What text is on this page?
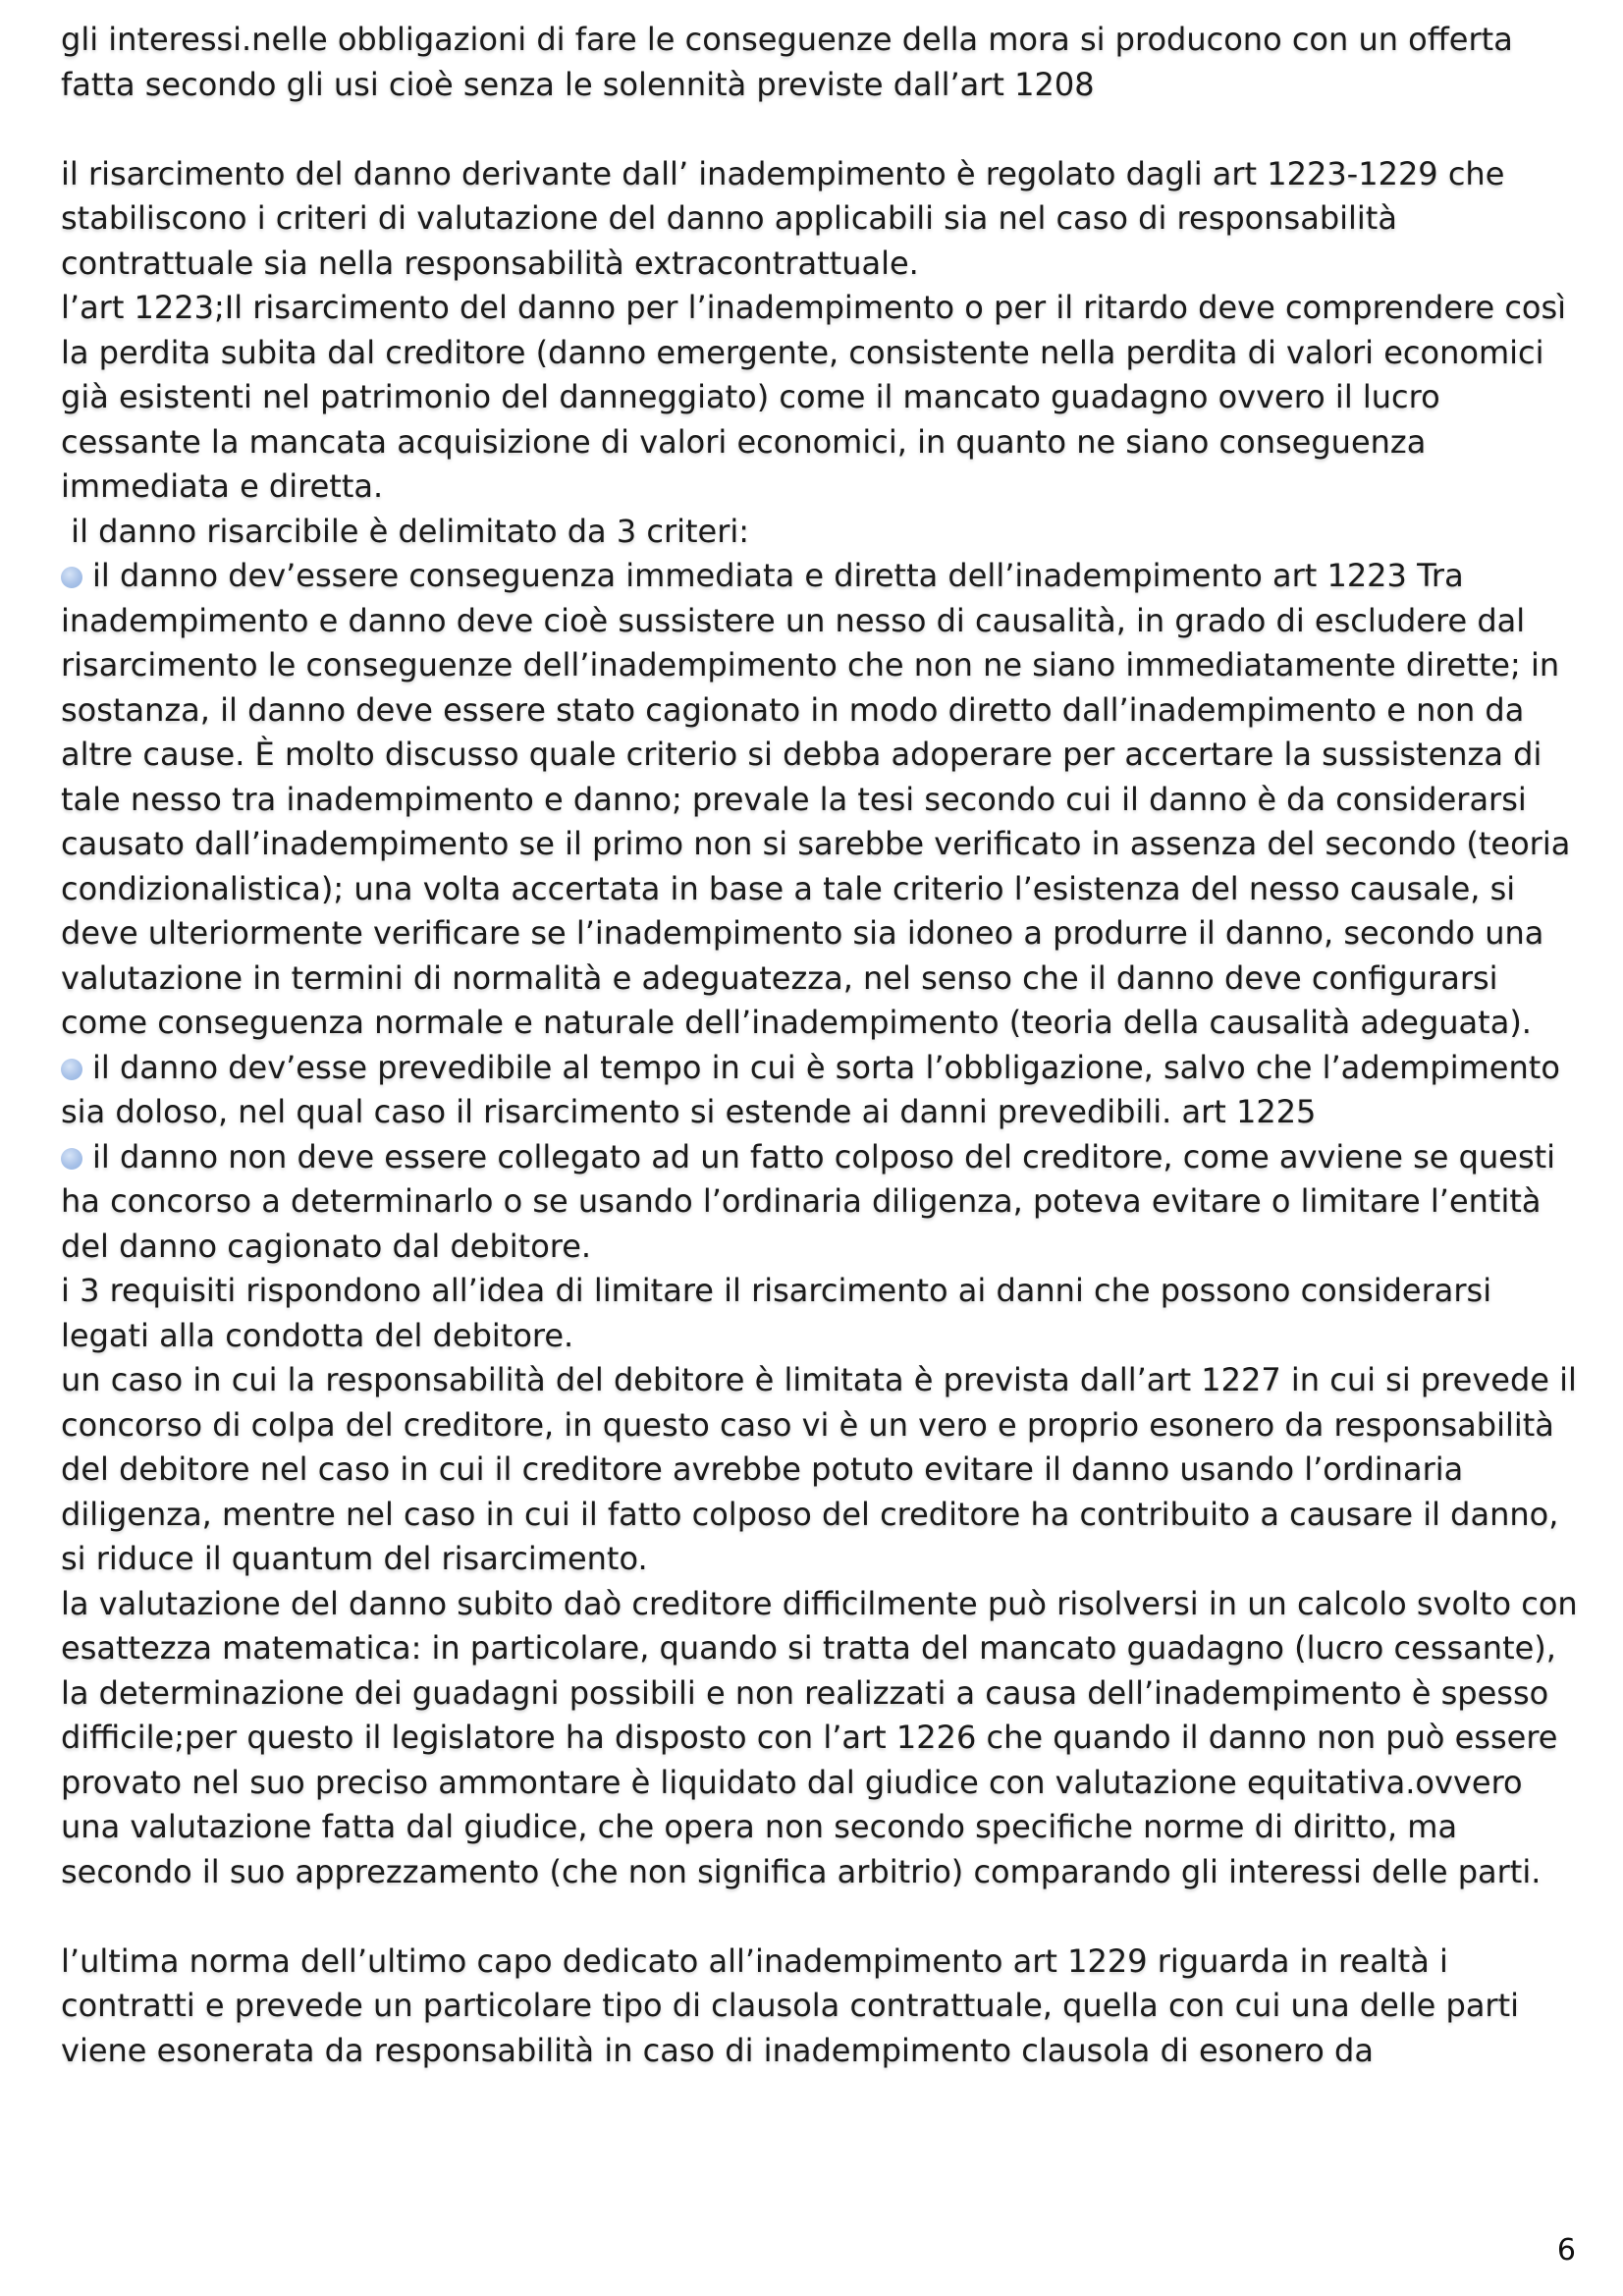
gli interessi.nelle obbligazioni di fare le conseguenze della mora si producono con un offerta fatta secondo gli usi cioè senza le solennità previste dall’art 1208

il risarcimento del danno derivante dall’ inadempimento è regolato dagli art 1223-1229 che stabiliscono i criteri di valutazione del danno applicabili sia nel caso di responsabilità contrattuale sia nella responsabilità extracontrattuale.

l’art 1223;Il risarcimento del danno per l’inadempimento o per il ritardo deve comprendere così la perdita subita dal creditore (danno emergente, consistente nella perdita di valori economici già esistenti nel patrimonio del danneggiato) come il mancato guadagno ovvero il lucro cessante la mancata acquisizione di valori economici, in quanto ne siano conseguenza immediata e diretta.

il danno risarcibile è delimitato da 3 criteri:

il danno dev’essere conseguenza immediata e diretta dell’inadempimento art 1223 Tra inadempimento e danno deve cioè sussistere un nesso di causalità, in grado di escludere dal risarcimento le conseguenze dell’inadempimento che non ne siano immediatamente dirette; in sostanza, il danno deve essere stato cagionato in modo diretto dall’inadempimento e non da altre cause. È molto discusso quale criterio si debba adoperare per accertare la sussistenza di tale nesso tra inadempimento e danno; prevale la tesi secondo cui il danno è da considerarsi causato dall’inadempimento se il primo non si sarebbe verificato in assenza del secondo (teoria condizionalistica); una volta accertata in base a tale criterio l’esistenza del nesso causale, si deve ulteriormente verificare se l’inadempimento sia idoneo a produrre il danno, secondo una valutazione in termini di normalità e adeguatezza, nel senso che il danno deve configurarsi come conseguenza normale e naturale dell’inadempimento (teoria della causalità adeguata).

il danno dev’esse prevedibile al tempo in cui è sorta l’obbligazione, salvo che l’adempimento sia doloso, nel qual caso il risarcimento si estende ai danni prevedibili. art 1225

il danno non deve essere collegato ad un fatto colposo del creditore, come avviene se questi ha concorso a determinarlo o se usando l’ordinaria diligenza, poteva evitare o limitare l’entità del danno cagionato dal debitore.

i 3 requisiti rispondono all’idea di limitare il risarcimento ai danni che possono considerarsi legati alla condotta del debitore.

un caso in cui la responsabilità del debitore è limitata è prevista dall’art 1227 in cui si prevede il concorso di colpa del creditore, in questo caso vi è un vero e proprio esonero da responsabilità del debitore nel caso in cui il creditore avrebbe potuto evitare il danno usando l’ordinaria diligenza, mentre nel caso in cui il fatto colposo del creditore ha contribuito a causare il danno, si riduce il quantum del risarcimento.

la valutazione del danno subito daò creditore difficilmente può risolversi in un calcolo svolto con esattezza matematica: in particolare, quando si tratta del mancato guadagno (lucro cessante), la determinazione dei guadagni possibili e non realizzati a causa dell’inadempimento è spesso difficile;per questo il legislatore ha disposto con l’art 1226 che quando il danno non può essere provato nel suo preciso ammontare è liquidato dal giudice con valutazione equitativa.ovvero una valutazione fatta dal giudice, che opera non secondo specifiche norme di diritto, ma secondo il suo apprezzamento (che non significa arbitrio) comparando gli interessi delle parti.

l’ultima norma dell’ultimo capo dedicato all’inadempimento art 1229 riguarda in realtà i contratti e prevede un particolare tipo di clausola contrattuale, quella con cui una delle parti viene esonerata da responsabilità in caso di inadempimento clausola di esonero da

6
